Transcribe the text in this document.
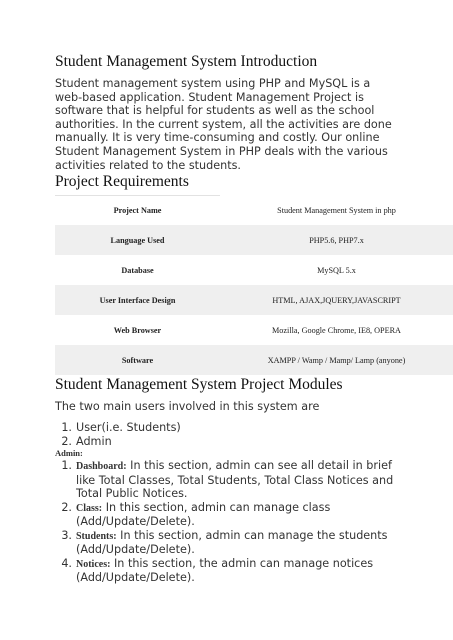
Student Management System Introduction

Student management system using PHP and MySQL is a web-based application. Student Management Project is software that is helpful for students as well as the school authorities. In the current system, all the activities are done manually. It is very time-consuming and costly. Our online Student Management System in PHP deals with the various activities related to the students.

Project Requirements
Project Name	Student Management System in php
Language Used	PHP5.6, PHP7.x
Database	MySQL 5.x
User Interface Design	HTML, AJAX,JQUERY,JAVASCRIPT
Web Browser	Mozilla, Google Chrome, IE8, OPERA
Software	XAMPP / Wamp / Mamp/ Lamp (anyone)
Student Management System Project Modules
The two main users involved in this system are
1. User(i.e. Students)
2. Admin
Admin:
1. Dashboard: In this section, admin can see all detail in brief like Total Classes, Total Students, Total Class Notices and Total Public Notices.
2. Class: In this section, admin can manage class (Add/Update/Delete).
3. Students: In this section, admin can manage the students (Add/Update/Delete).
4. Notices: In this section, the admin can manage notices (Add/Update/Delete).
